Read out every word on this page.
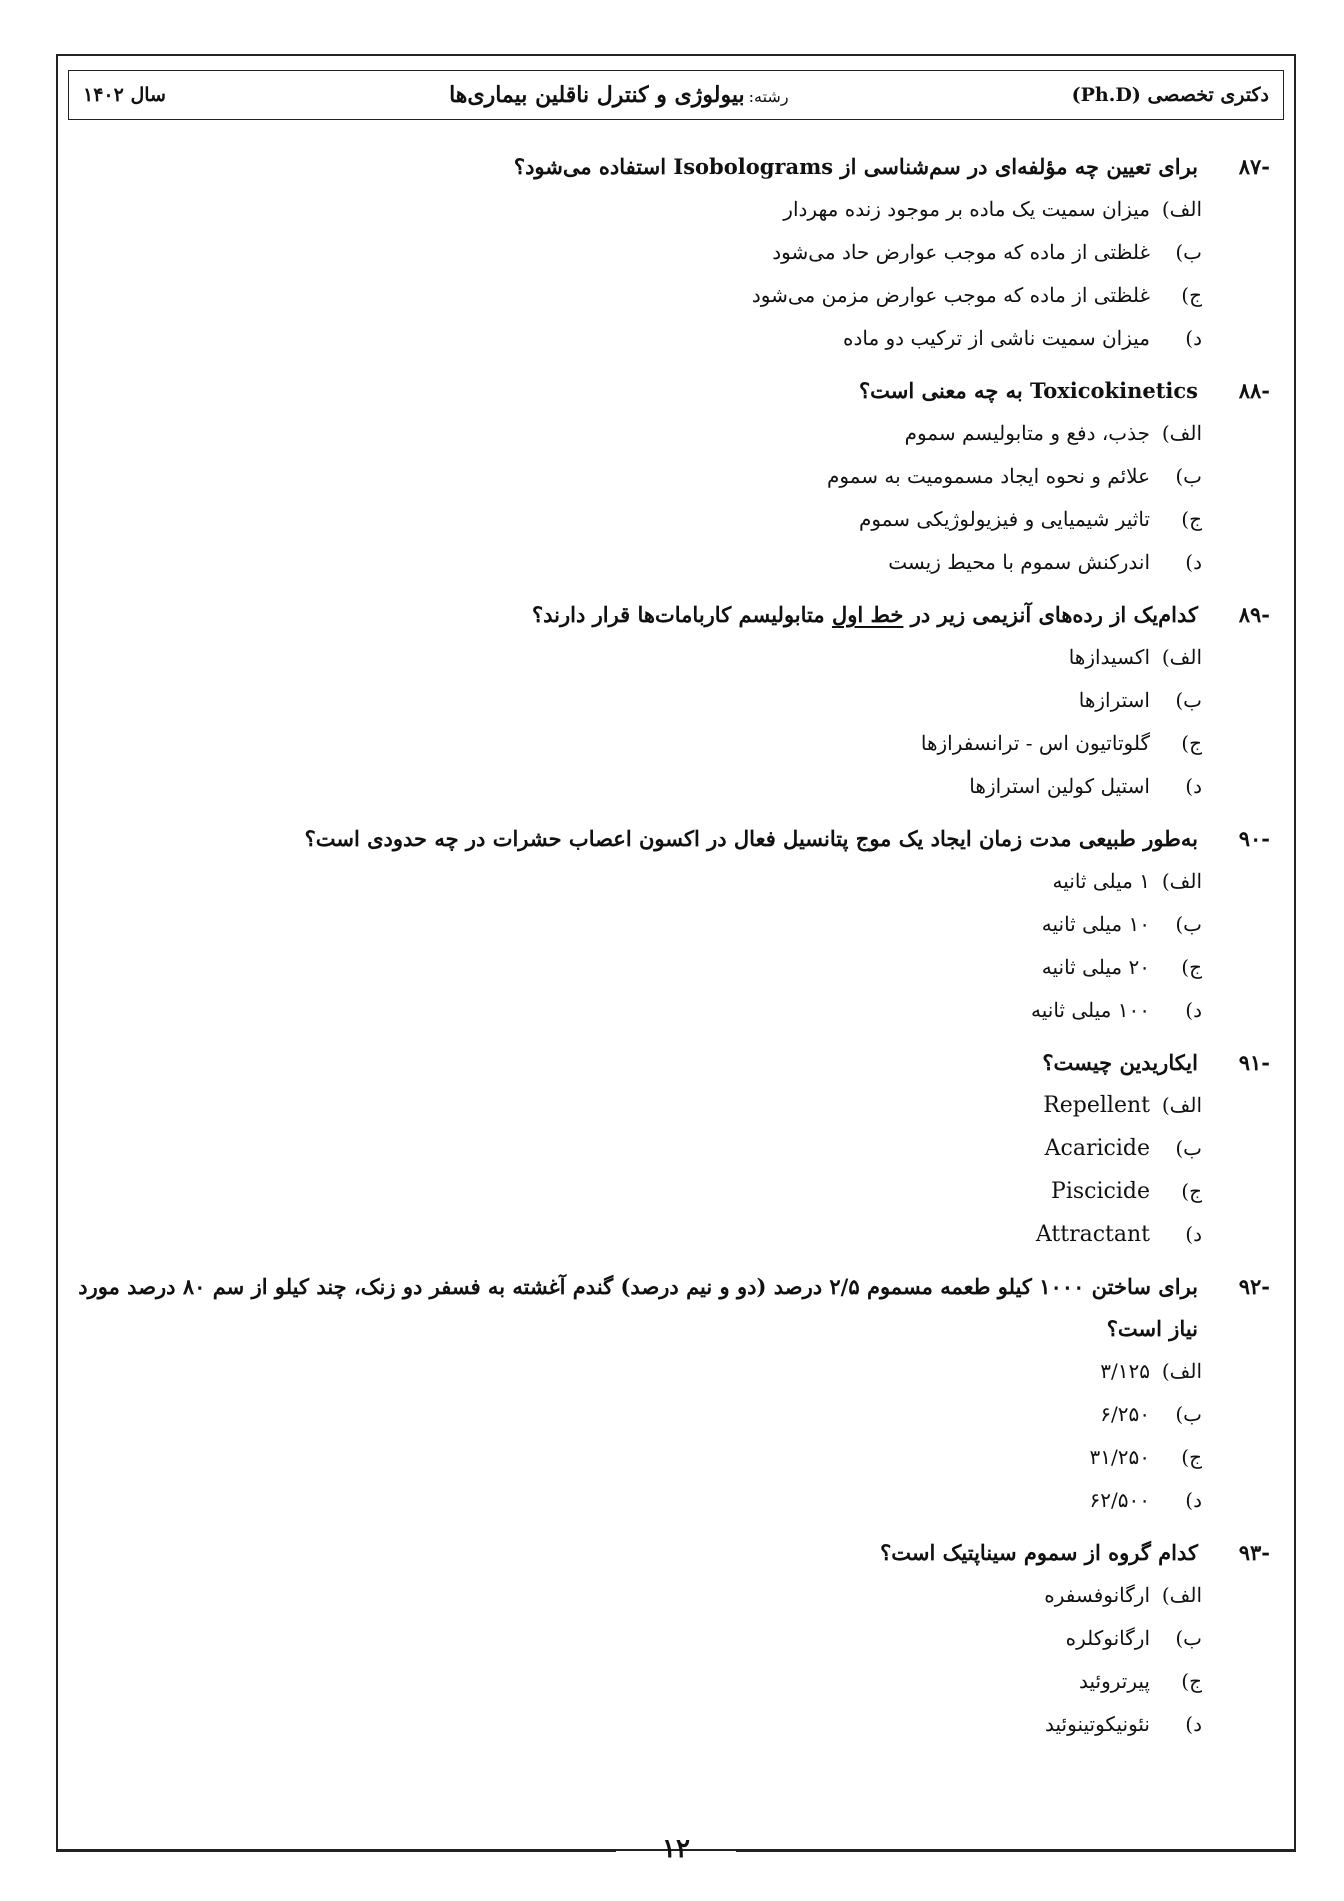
دکتری تخصصی (Ph.D)
رشته:بیولوژی و کنترل ناقلین بیماری‌ها
سال ۱۴۰۲
-۸۷
برای تعیین چه مؤلفه‌ای در سم‌شناسی از Isobolograms استفاده می‌شود؟
الف)
میزان سمیت یک ماده بر موجود زنده مهردار
ب)
غلظتی از ماده که موجب عوارض حاد می‌شود
ج)
غلظتی از ماده که موجب عوارض مزمن می‌شود
د)
میزان سمیت ناشی از ترکیب دو ماده
-۸۸
Toxicokinetics به چه معنی است؟
الف)
جذب، دفع و متابولیسم سموم
ب)
علائم و نحوه ایجاد مسمومیت به سموم
ج)
تاثیر شیمیایی و فیزیولوژیکی سموم
د)
اندرکنش سموم با محیط زیست
-۸۹
کدام‌یک از رده‌های آنزیمی زیر در خط اول متابولیسم کاربامات‌ها قرار دارند؟
الف)
اکسیدازها
ب)
استرازها
ج)
گلوتاتیون اس - ترانسفرازها
د)
استیل کولین استرازها
-۹۰
به‌طور طبیعی مدت زمان ایجاد یک موج پتانسیل فعال در اکسون اعصاب حشرات در چه حدودی است؟
الف)
۱ میلی ثانیه
ب)
۱۰ میلی ثانیه
ج)
۲۰ میلی ثانیه
د)
۱۰۰ میلی ثانیه
-۹۱
ایکاریدین چیست؟
الف)
Repellent
ب)
Acaricide
ج)
Piscicide
د)
Attractant
-۹۲
برای ساختن ۱۰۰۰ کیلو طعمه مسموم ۲/۵ درصد (دو و نیم درصد) گندم آغشته به فسفر دو زنک، چند کیلو از سم ۸۰ درصد مورد نیاز است؟
الف)
۳/۱۲۵
ب)
۶/۲۵۰
ج)
۳۱/۲۵۰
د)
۶۲/۵۰۰
-۹۳
کدام گروه از سموم سیناپتیک است؟
الف)
ارگانوفسفره
ب)
ارگانوکلره
ج)
پیرتروئید
د)
نئونیکوتینوئید
۱۲
